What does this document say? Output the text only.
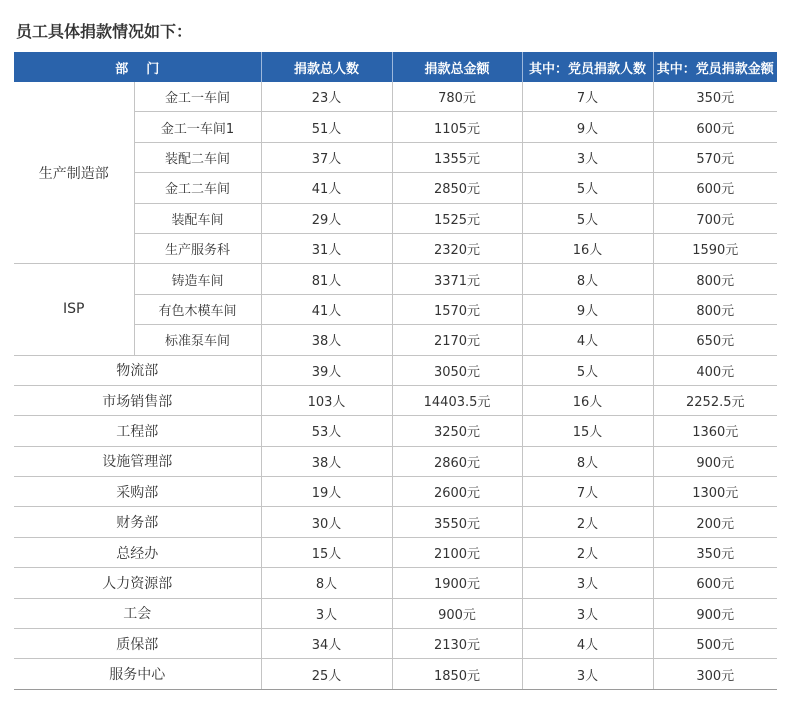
员工具体捐款情况如下：
部    门		捐款总人数	捐款总金额	其中：党员捐款人数	其中：党员捐款金额
生产制造部	金工一车间	23人	780元	7人	350元
	金工一车间1	51人	1105元	9人	600元
	装配二车间	37人	1355元	3人	570元
	金工二车间	41人	2850元	5人	600元
	装配车间	29人	1525元	5人	700元
	生产服务科	31人	2320元	16人	1590元
ISP	铸造车间	81人	3371元	8人	800元
	有色木模车间	41人	1570元	9人	800元
	标准泵车间	38人	2170元	4人	650元
物流部		39人	3050元	5人	400元
市场销售部		103人	14403.5元	16人	2252.5元
工程部		53人	3250元	15人	1360元
设施管理部		38人	2860元	8人	900元
采购部		19人	2600元	7人	1300元
财务部		30人	3550元	2人	200元
总经办		15人	2100元	2人	350元
人力资源部		8人	1900元	3人	600元
工会		3人	900元	3人	900元
质保部		34人	2130元	4人	500元
服务中心		25人	1850元	3人	300元
